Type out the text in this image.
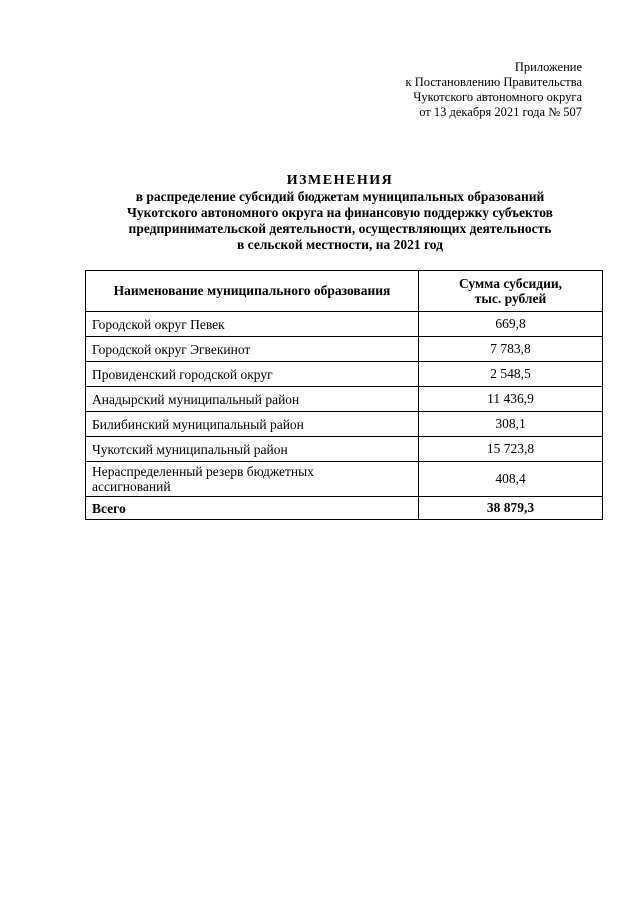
Приложение
к Постановлению Правительства
Чукотского автономного округа
от 13 декабря 2021 года № 507
ИЗМЕНЕНИЯ
в распределение субсидий бюджетам муниципальных образований
Чукотского автономного округа на финансовую поддержку субъектов
предпринимательской деятельности, осуществляющих деятельность
в сельской местности, на 2021 год
Наименование муниципального образования	Сумма субсидии,
тыс. рублей

Городской округ Певек	669,8
Городской округ Эгвекинот	7 783,8
Провиденский городской округ	2 548,5
Анадырский муниципальный район	11 436,9
Билибинский муниципальный район	308,1
Чукотский муниципальный район	15 723,8

Нераспределенный резерв бюджетных
ассигнований	408,4
Всего	38 879,3
